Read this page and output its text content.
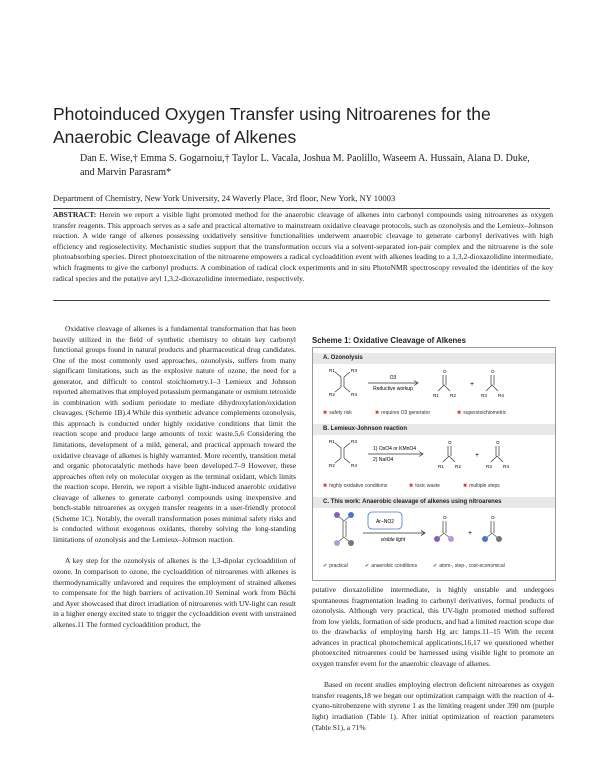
Photoinduced Oxygen Transfer using Nitroarenes for the Anaerobic Cleavage of Alkenes
Dan E. Wise,† Emma S. Gogarnoiu,† Taylor L. Vacala, Joshua M. Paolillo, Waseem A. Hussain, Alana D. Duke, and Marvin Parasram*
Department of Chemistry, New York University, 24 Waverly Place, 3rd floor, New York, NY 10003
ABSTRACT: Herein we report a visible light promoted method for the anaerobic cleavage of alkenes into carbonyl compounds using nitroarenes as oxygen transfer reagents. This approach serves as a safe and practical alternative to mainstream oxidative cleavage protocols, such as ozonolysis and the Lemieux–Johnson reaction. A wide range of alkenes possessing oxidatively sensitive functionalities underwent anaerobic cleavage to generate carbonyl derivatives with high efficiency and regioselectivity. Mechanistic studies support that the transformation occurs via a solvent-separated ion-pair complex and the nitroarene is the sole photoabsorbing species. Direct photoexcitation of the nitroarene empowers a radical cycloaddition event with alkenes leading to a 1,3,2-dioxazolidine intermediate, which fragments to give the carbonyl products. A combination of radical clock experiments and in situ PhotoNMR spectroscopy revealed the identities of the key radical species and the putative aryl 1,3,2-dioxazolidine intermediate, respectively.

Oxidative cleavage of alkenes is a fundamental transformation that has been heavily utilized in the field of synthetic chemistry to obtain key carbonyl functional groups found in natural products and pharmaceutical drug candidates. One of the most commonly used approaches, ozonolysis, suffers from many significant limitations, such as the explosive nature of ozone, the need for a generator, and difficult to control stoichiometry.1–3 Lemieux and Johnson reported alternatives that employed potassium permanganate or osmium tetroxide in combination with sodium periodate to mediate dihydroxylation/oxidation cleavages. (Scheme 1B).4 While this synthetic advance complements ozonolysis, this approach is conducted under highly oxidative conditions that limit the reaction scope and produce large amounts of toxic waste.5,6 Considering the limitations, development of a mild, general, and practical approach toward the oxidative cleavage of alkenes is highly warranted. More recently, transition metal and organic photocatalytic methods have been developed.7–9 However, these approaches often rely on molecular oxygen as the terminal oxidant, which limits the reaction scope. Herein, we report a visible light-induced anaerobic oxidative cleavage of alkenes to generate carbonyl compounds using inexpensive and bench-stable nitroarenes as oxygen transfer reagents in a user-friendly protocol (Scheme 1C). Notably, the overall transformation poses minimal safety risks and is conducted without exogenous oxidants, thereby solving the long-standing limitations of ozonolysis and the Lemieux–Johnson reaction.

A key step for the ozonolysis of alkenes is the 1,3-dipolar cycloaddition of ozone. In comparison to ozone, the cycloaddition of nitroarenes with alkenes is thermodynamically unfavored and requires the employment of strained alkenes to compensate for the high barriers of activation.10 Seminal work from Büchi and Ayer showcased that direct irradiation of nitroarenes with UV-light can result in a higher energy excited state to trigger the cycloaddition event with unstrained alkenes.11 The formed cycloaddition product, the

Scheme 1: Oxidative Cleavage of Alkenes
A. Ozonolysis
R1	R3
R2	R4
O3
Reductive workup
O
R1 R2
+
O
R3 R4
✖ safety risk	✖ requires O3 generator	✖ superstoichiometric
B. Lemieux-Johnson reaction
R1	R3
R2	R4
1) OsO4 or KMnO4
2) NaIO4
O
R1 R2
+
O
R3 R4
✖ highly oxidative conditions	✖ toxic waste	✖ multiple steps
C. This work: Anaerobic cleavage of alkenes using nitroarenes
Ar–NO2
visible light
O
+
O
✔ practical	✔ anaerobic conditions	✔ atom-, step-, cost-economical

putative dioxazolidine intermediate, is highly unstable and undergoes spontaneous fragmentation leading to carbonyl derivatives, formal products of ozonolysis. Although very practical, this UV-light promoted method suffered from low yields, formation of side products, and had a limited reaction scope due to the drawbacks of employing harsh Hg arc lamps.11–15 With the recent advances in practical photochemical applications,16,17 we questioned whether photoexcited nitroarenes could be harnessed using visible light to promote an oxygen transfer event for the anaerobic cleavage of alkenes.

Based on recent studies employing electron deficient nitroarenes as oxygen transfer reagents,18 we began our optimization campaign with the reaction of 4-cyano-nitrobenzene with styrene 1 as the limiting reagent under 390 nm (purple light) irradiation (Table 1). After initial optimization of reaction parameters (Table S1), a 71%
